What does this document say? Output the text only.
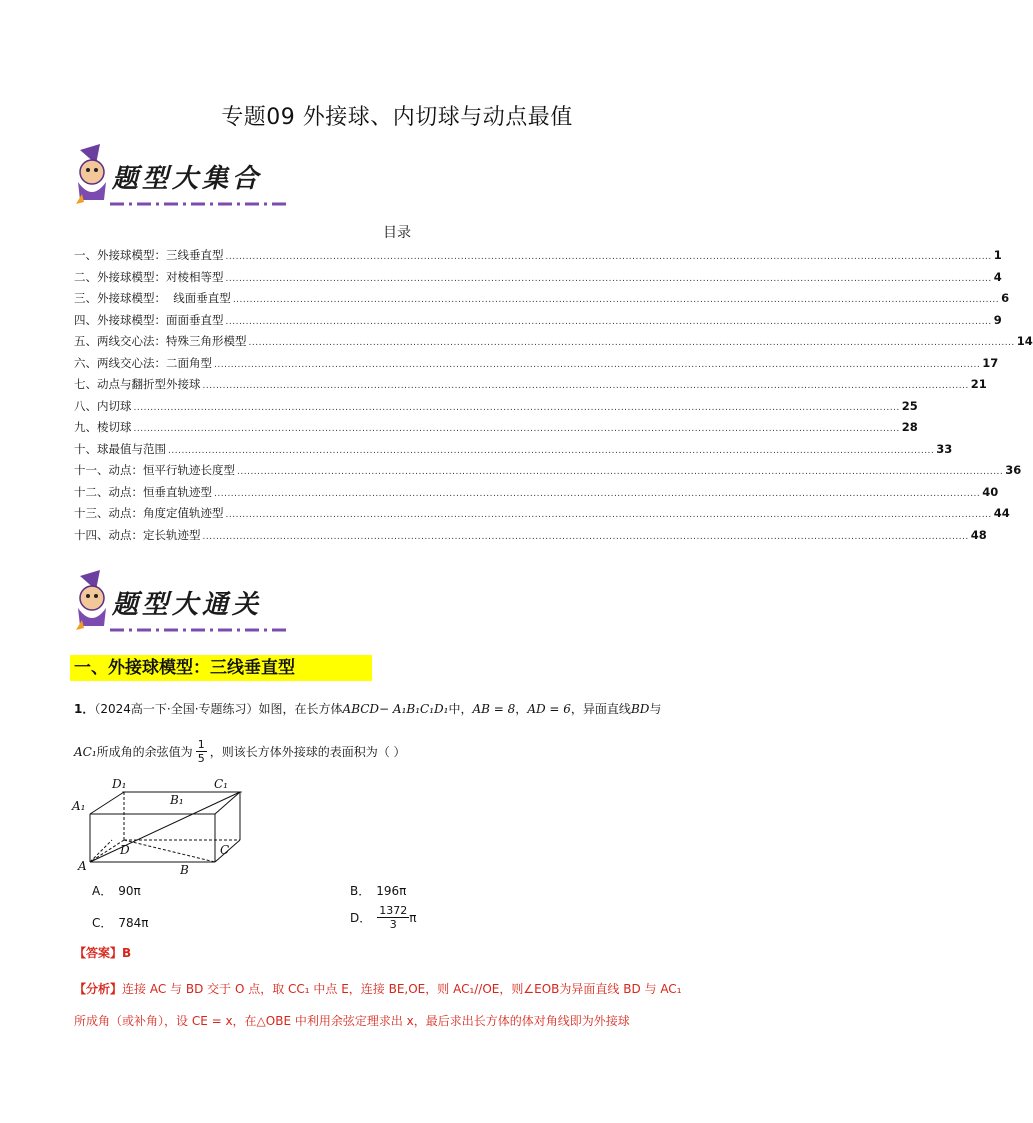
专题09 外接球、内切球与动点最值
题型大集合
目录
一、外接球模型：三线垂直型 .................................................................................................................................................................................................................................... 1
二、外接球模型：对棱相等型 .................................................................................................................................................................................................................................... 4
三、外接球模型：  线面垂直型 .................................................................................................................................................................................................................................... 6
四、外接球模型：面面垂直型 .................................................................................................................................................................................................................................... 9
五、两线交心法：特殊三角形模型 .................................................................................................................................................................................................................................... 14
六、两线交心法：二面角型 .................................................................................................................................................................................................................................... 17
七、动点与翻折型外接球 .................................................................................................................................................................................................................................... 21
八、内切球 .................................................................................................................................................................................................................................... 25
九、棱切球 .................................................................................................................................................................................................................................... 28
十、球最值与范围 .................................................................................................................................................................................................................................... 33
十一、动点：恒平行轨迹长度型 .................................................................................................................................................................................................................................... 36
十二、动点：恒垂直轨迹型 .................................................................................................................................................................................................................................... 40
十三、动点：角度定值轨迹型 .................................................................................................................................................................................................................................... 44
十四、动点：定长轨迹型 .................................................................................................................................................................................................................................... 48
题型大通关
一、外接球模型：三线垂直型
1．（2024高一下·全国·专题练习）如图，在长方体ABCD− A₁B₁C₁D₁中，AB = 8，AD = 6，异面直线BD与
AC₁ 所成角的余弦值为 $\frac{1}{5}$ ，则该长方体外接球的表面积为（ ）
D₁	C₁
A₁	B₁
D	C
A	B
A． 90π	B． 196π
C． 784π	D． $\frac{1372}{3}$ π
【答案】B
【分析】连接 AC 与 BD 交于 O 点，取 CC₁ 中点 E，连接 BE,OE，则 AC₁//OE，则∠EOB为异面直线 BD 与 AC₁
所成角（或补角），设 CE = x，在△OBE 中利用余弦定理求出 x，最后求出长方体的体对角线即为外接球
